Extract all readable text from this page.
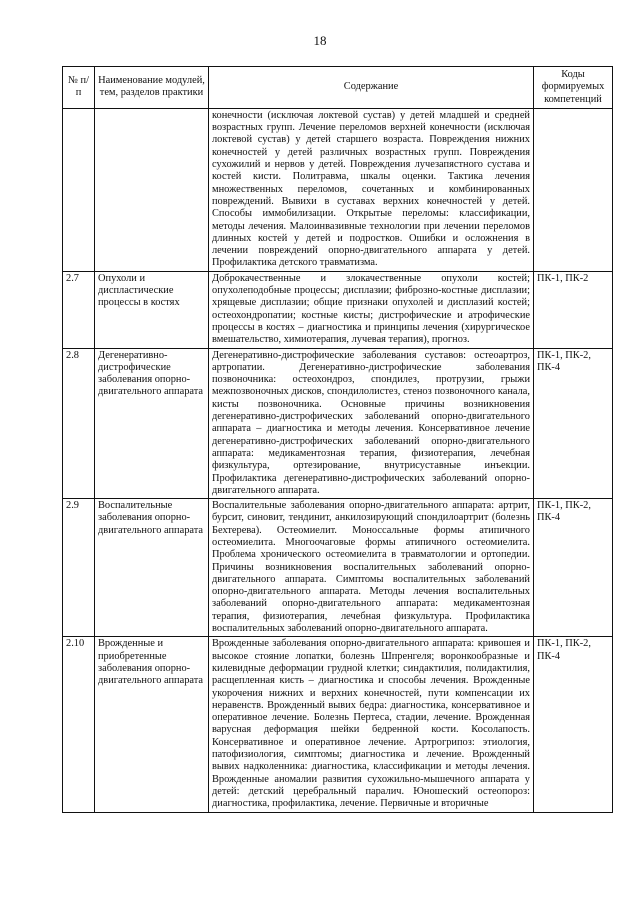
18
№ п/п	Наименование модулей, тем, разделов практики	Содержание	Коды формируемых компетенций
		конечности (исключая локтевой сустав) у детей младшей и средней возрастных групп. Лечение переломов верхней конечности (исключая локтевой сустав) у детей старшего возраста. Повреждения нижних конечностей у детей различных возрастных групп. Повреждения сухожилий и нервов у детей. Повреждения лучезапястного сустава и костей кисти. Политравма, шкалы оценки. Тактика лечения множественных переломов, сочетанных и комбинированных повреждений. Вывихи в суставах верхних конечностей у детей. Способы иммобилизации. Открытые переломы: классификации, методы лечения. Малоинвазивные технологии при лечении переломов длинных костей у детей и подростков. Ошибки и осложнения в лечении повреждений опорно-двигательного аппарата у детей. Профилактика детского травматизма.	
2.7	Опухоли и диспластические процессы в костях	Доброкачественные и злокачественные опухоли костей; опухолеподобные процессы; дисплазии; фиброзно-костные дисплазии; хрящевые дисплазии; общие признаки опухолей и дисплазий костей; остеохондропатии; костные кисты; дистрофические и атрофические процессы в костях – диагностика и принципы лечения (хирургическое вмешательство, химиотерапия, лучевая терапия), прогноз.	ПК-1, ПК-2
2.8	Дегенеративно-дистрофические заболевания опорно-двигательного аппарата	Дегенеративно-дистрофические заболевания суставов: остеоартроз, артропатии. Дегенеративно-дистрофические заболевания позвоночника: остеохондроз, спондилез, протрузии, грыжи межпозвоночных дисков, спондилолистез, стеноз позвоночного канала, кисты позвоночника. Основные причины возникновения дегенеративно-дистрофических заболеваний опорно-двигательного аппарата – диагностика и методы лечения. Консервативное лечение дегенеративно-дистрофических заболеваний опорно-двигательного аппарата: медикаментозная терапия, физиотерапия, лечебная физкультура, ортезирование, внутрисуставные инъекции. Профилактика дегенеративно-дистрофических заболеваний опорно-двигательного аппарата.	ПК-1, ПК-2, ПК-4
2.9	Воспалительные заболевания опорно-двигательного аппарата	Воспалительные заболевания опорно-двигательного аппарата: артрит, бурсит, синовит, тендинит, анкилозирующий спондилоартрит (болезнь Бехтерева). Остеомиелит. Моноссальные формы атипичного остеомиелита. Многоочаговые формы атипичного остеомиелита. Проблема хронического остеомиелита в травматологии и ортопедии. Причины возникновения воспалительных заболеваний опорно-двигательного аппарата. Симптомы воспалительных заболеваний опорно-двигательного аппарата. Методы лечения воспалительных заболеваний опорно-двигательного аппарата: медикаментозная терапия, физиотерапия, лечебная физкультура. Профилактика воспалительных заболеваний опорно-двигательного аппарата.	ПК-1, ПК-2, ПК-4
2.10	Врожденные и приобретенные заболевания опорно-двигательного аппарата	Врожденные заболевания опорно-двигательного аппарата: кривошея и высокое стояние лопатки, болезнь Шпренгеля; воронкообразные и килевидные деформации грудной клетки; синдактилия, полидактилия, расщепленная кисть – диагностика и способы лечения. Врожденные укорочения нижних и верхних конечностей, пути компенсации их неравенств. Врожденный вывих бедра: диагностика, консервативное и оперативное лечение. Болезнь Пертеса, стадии, лечение. Врожденная варусная деформация шейки бедренной кости. Косолапость. Консервативное и оперативное лечение. Артрогрипоз: этиология, патофизиология, симптомы; диагностика и лечение. Врожденный вывих надколенника: диагностика, классификации и методы лечения. Врожденные аномалии развития сухожильно-мышечного аппарата у детей: детский церебральный паралич. Юношеский остеопороз: диагностика, профилактика, лечение. Первичные и вторичные	ПК-1, ПК-2, ПК-4
